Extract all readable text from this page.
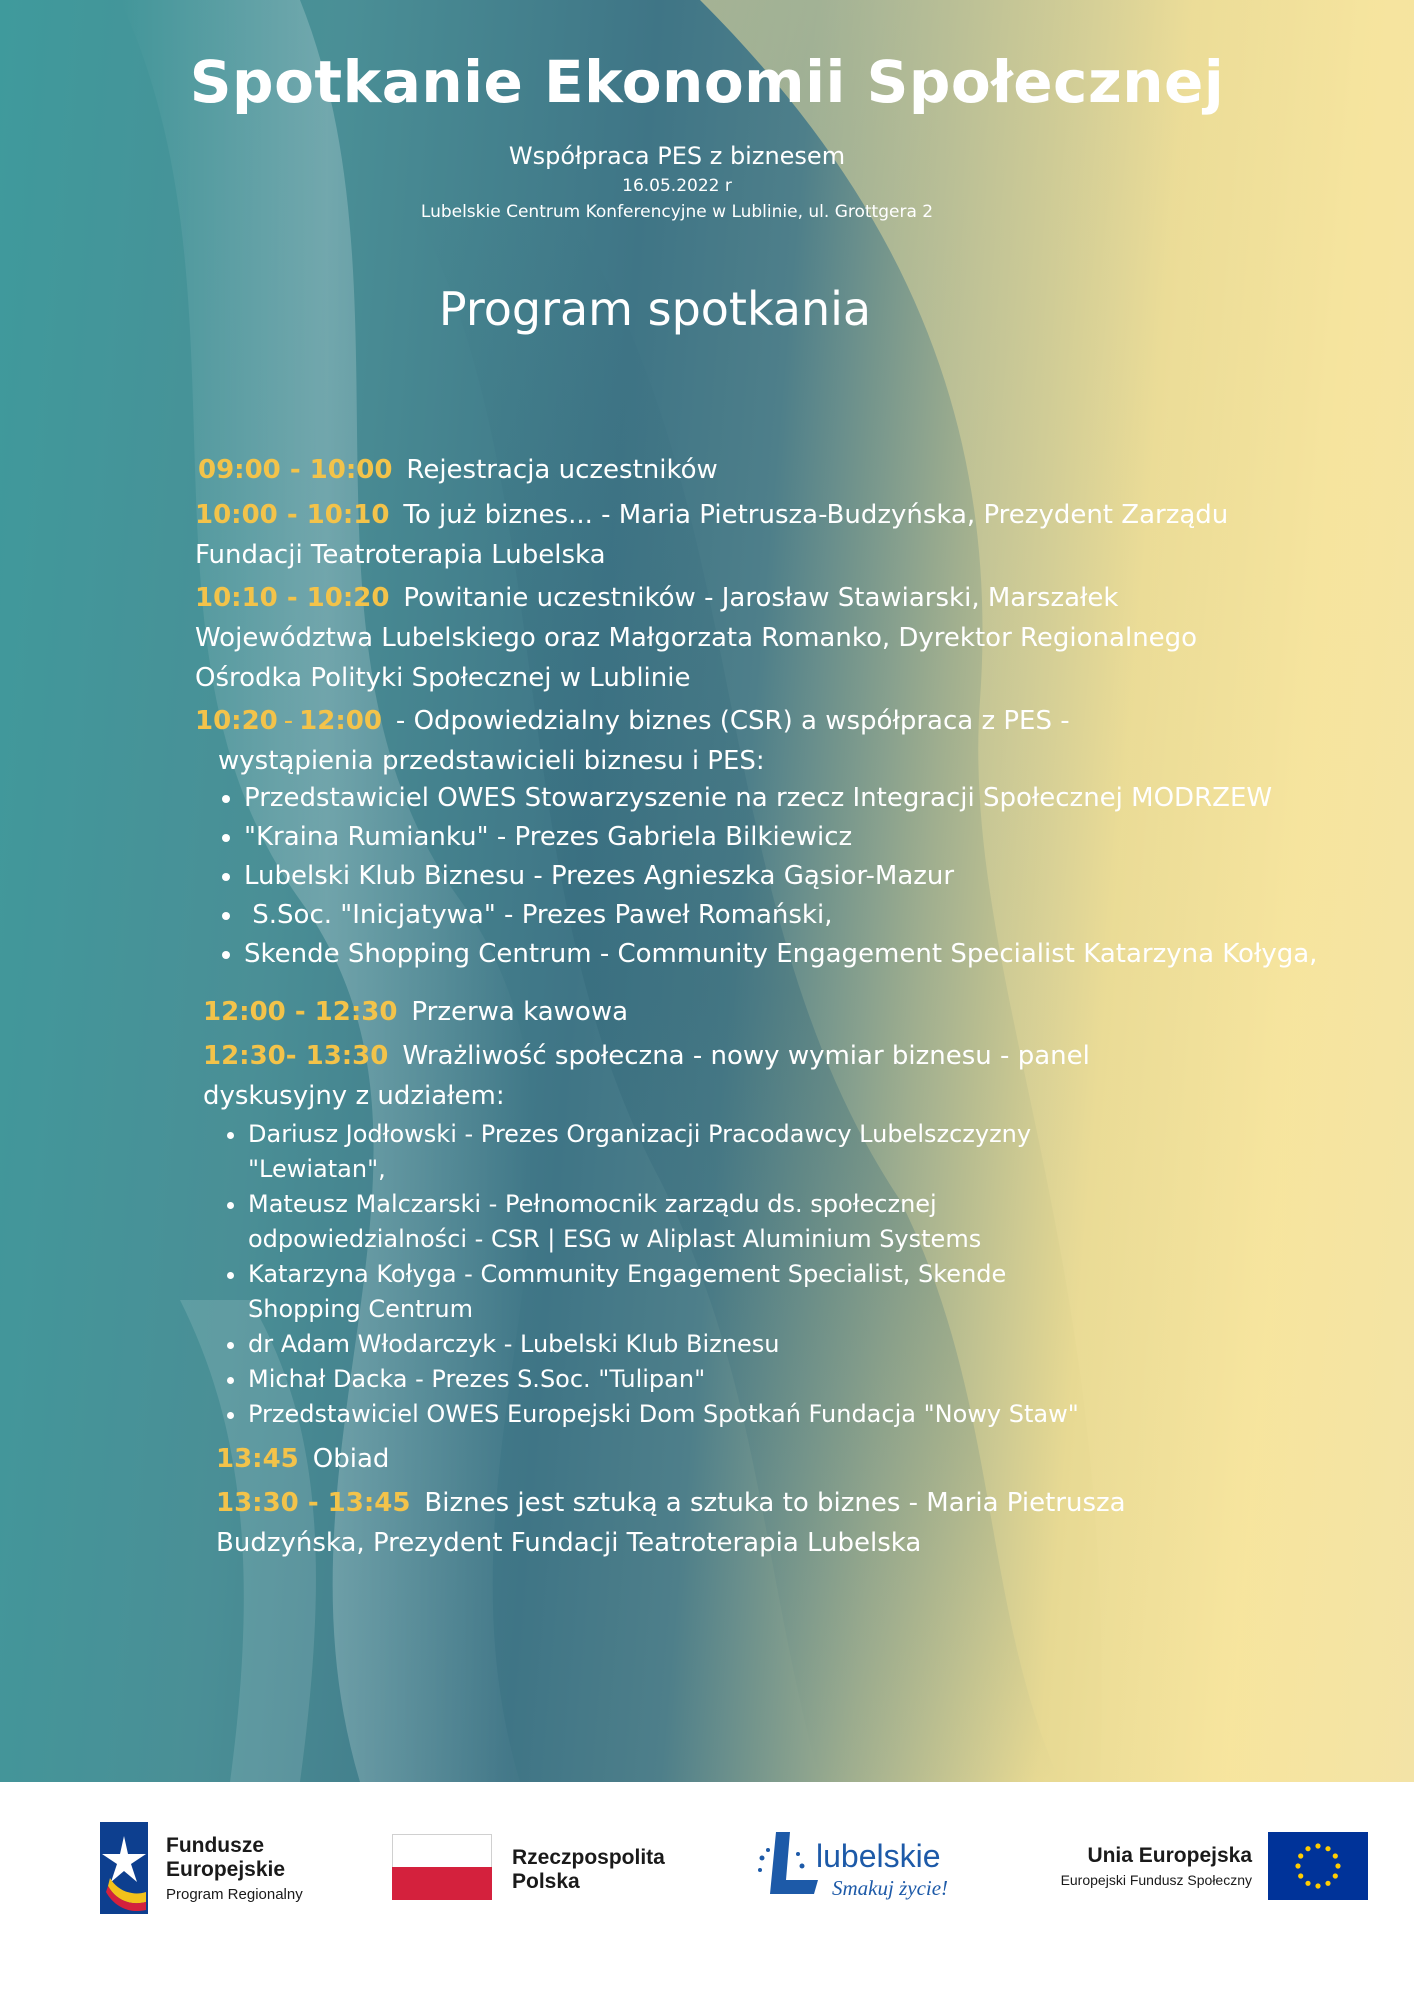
Spotkanie Ekonomii Społecznej
Współpraca PES z biznesem
16.05.2022 r
Lubelskie Centrum Konferencyjne w Lublinie, ul. Grottgera 2
Program spotkania
09:00 - 10:00 Rejestracja uczestników
10:00 - 10:10 To już biznes... - Maria Pietrusza-Budzyńska, Prezydent Zarządu
Fundacji Teatroterapia Lubelska
10:10 - 10:20 Powitanie uczestników - Jarosław Stawiarski, Marszałek
Województwa Lubelskiego oraz Małgorzata Romanko, Dyrektor Regionalnego
Ośrodka Polityki Społecznej w Lublinie
10:20 - 12:00 - Odpowiedzialny biznes (CSR) a współpraca z PES -
wystąpienia przedstawicieli biznesu i PES:
• Przedstawiciel OWES Stowarzyszenie na rzecz Integracji Społecznej MODRZEW
• "Kraina Rumianku" - Prezes Gabriela Bilkiewicz
• Lubelski Klub Biznesu - Prezes Agnieszka Gąsior-Mazur
•  S.Soc. "Inicjatywa" - Prezes Paweł Romański,
• Skende Shopping Centrum - Community Engagement Specialist Katarzyna Kołyga,
12:00 - 12:30 Przerwa kawowa
12:30- 13:30 Wrażliwość społeczna - nowy wymiar biznesu - panel
dyskusyjny z udziałem:
• Dariusz Jodłowski - Prezes Organizacji Pracodawcy Lubelszczyzny
"Lewiatan",
• Mateusz Malczarski - Pełnomocnik zarządu ds. społecznej
odpowiedzialności - CSR | ESG w Aliplast Aluminium Systems
• Katarzyna Kołyga - Community Engagement Specialist, Skende
Shopping Centrum
• dr Adam Włodarczyk - Lubelski Klub Biznesu
• Michał Dacka - Prezes S.Soc. "Tulipan"
• Przedstawiciel OWES Europejski Dom Spotkań Fundacja "Nowy Staw"
13:45 Obiad
13:30 - 13:45 Biznes jest sztuką a sztuka to biznes - Maria Pietrusza
Budzyńska, Prezydent Fundacji Teatroterapia Lubelska
Fundusze
Europejskie
Program Regionalny
Rzeczpospolita
Polska
lubelskie
Smakuj życie!
Unia Europejska
Europejski Fundusz Społeczny
